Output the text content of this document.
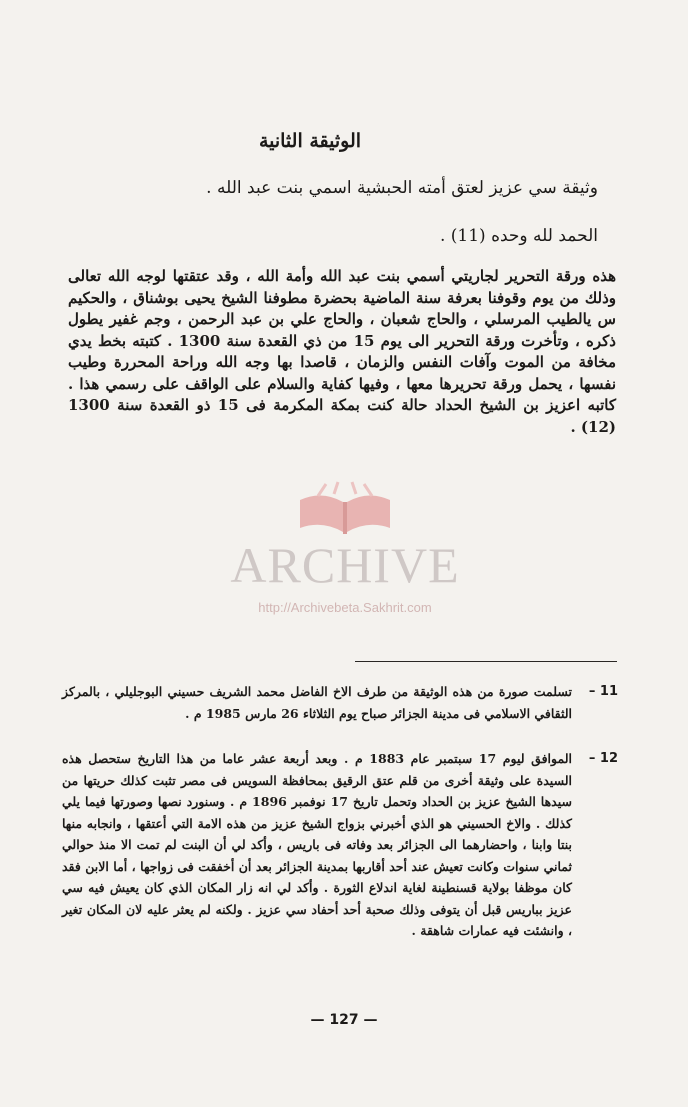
الوثيقة الثانية
وثيقة سي عزيز لعتق أمته الحبشية اسمي بنت عبد الله .
الحمد لله وحده (11) .
هذه ورقة التحرير لجاريتي أسمي بنت عبد الله وأمة الله ، وقد عتقتها لوجه الله تعالى وذلك من يوم وقوفنا بعرفة سنة الماضية بحضرة مطوفنا الشيخ يحيى بوشناق ، والحكيم س يالطيب المرسلي ، والحاج شعبان ، والحاج علي بن عبد الرحمن ، وجم غفير يطول ذكره ، وتأخرت ورقة التحرير الى يوم 15 من ذي القعدة سنة 1300 . كتبته بخط يدي مخافة من الموت وآفات النفس والزمان ، قاصدا بها وجه الله وراحة المحررة وطيب نفسها ، يحمل ورقة تحريرها معها ، وفيها كفاية والسلام على الواقف على رسمي هذا . كاتبه اعزيز بن الشيخ الحداد حالة كنت بمكة المكرمة فى 15 ذو القعدة سنة 1300 (12) .
ARCHIVE
http://Archivebeta.Sakhrit.com
11 –
تسلمت صورة من هذه الوثيقة من طرف الاخ الفاضل محمد الشريف حسيني البوجليلي ، بالمركز الثقافي الاسلامي فى مدينة الجزائر صباح يوم الثلاثاء 26 مارس 1985 م .
12 –
الموافق ليوم 17 سبتمبر عام 1883 م . وبعد أربعة عشر عاما من هذا التاريخ ستحصل هذه السيدة على وثيقة أخرى من قلم عتق الرقيق بمحافظة السويس فى مصر تثبت كذلك حريتها من سيدها الشيخ عزيز بن الحداد وتحمل تاريخ 17 نوفمبر 1896 م . وسنورد نصها وصورتها فيما يلي كذلك . والاخ الحسيني هو الذي أخبرني بزواج الشيخ عزيز من هذه الامة التي أعتقها ، وانجابه منها بنتا وابنا ، واحضارهما الى الجزائر بعد وفاته فى باريس ، وأكد لي أن البنت لم تمت الا منذ حوالي ثماني سنوات وكانت تعيش عند أحد أقاربها بمدينة الجزائر بعد أن أخفقت فى زواجها ، أما الابن فقد كان موظفا بولاية قسنطينة لغاية اندلاع الثورة . وأكد لي انه زار المكان الذي كان يعيش فيه سي عزيز بباريس قبل أن يتوفى وذلك صحبة أحد أحفاد سي عزيز . ولكنه لم يعثر عليه لان المكان تغير ، وانشئت فيه عمارات شاهقة .
— 127 —
